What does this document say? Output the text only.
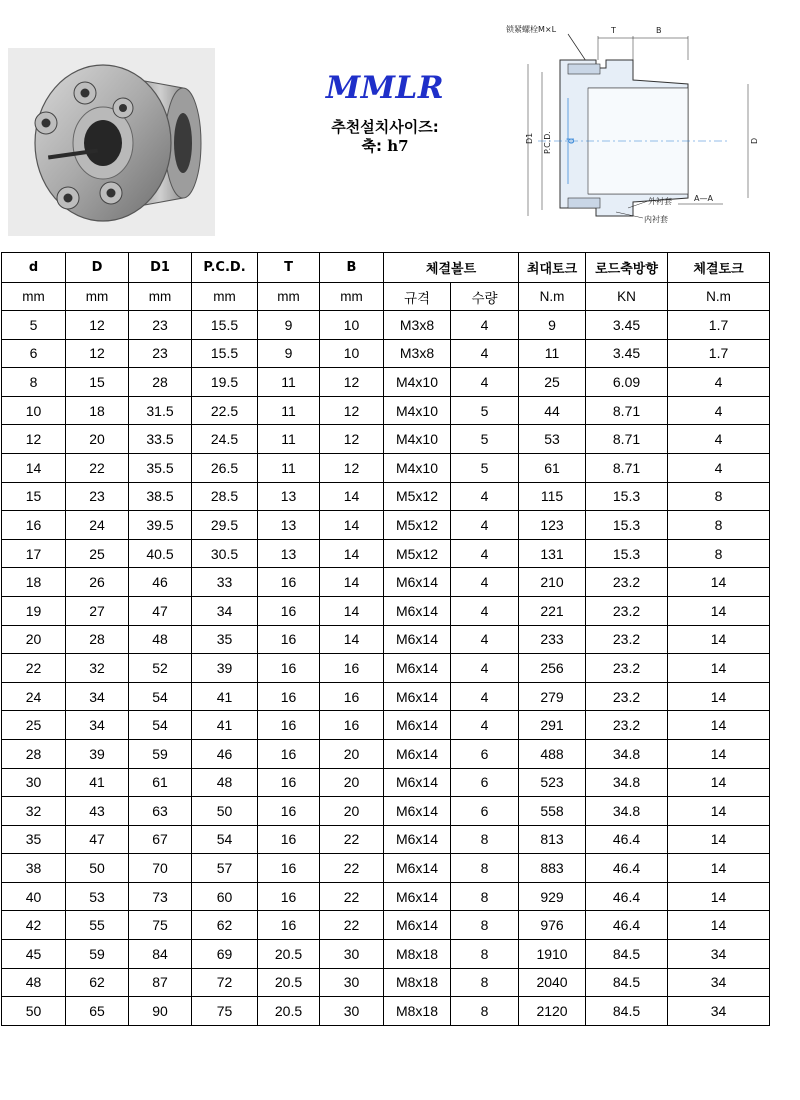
MMLR
추천설치사이즈:
축: h7
锁紧螺栓M×L	T	B
D1 P.C.D. d	D
A—A
外衬套
内衬套
d	D	D1	P.C.D.	T	B	체결볼트		최대토크	로드축방향	체결토크
mm	mm	mm	mm	mm	mm	규격	수량	N.m	KN	N.m
5	12	23	15.5	9	10	M3x8	4	9	3.45	1.7
6	12	23	15.5	9	10	M3x8	4	11	3.45	1.7
8	15	28	19.5	11	12	M4x10	4	25	6.09	4
10	18	31.5	22.5	11	12	M4x10	5	44	8.71	4
12	20	33.5	24.5	11	12	M4x10	5	53	8.71	4
14	22	35.5	26.5	11	12	M4x10	5	61	8.71	4
15	23	38.5	28.5	13	14	M5x12	4	115	15.3	8
16	24	39.5	29.5	13	14	M5x12	4	123	15.3	8
17	25	40.5	30.5	13	14	M5x12	4	131	15.3	8
18	26	46	33	16	14	M6x14	4	210	23.2	14
19	27	47	34	16	14	M6x14	4	221	23.2	14
20	28	48	35	16	14	M6x14	4	233	23.2	14
22	32	52	39	16	16	M6x14	4	256	23.2	14
24	34	54	41	16	16	M6x14	4	279	23.2	14
25	34	54	41	16	16	M6x14	4	291	23.2	14
28	39	59	46	16	20	M6x14	6	488	34.8	14
30	41	61	48	16	20	M6x14	6	523	34.8	14
32	43	63	50	16	20	M6x14	6	558	34.8	14
35	47	67	54	16	22	M6x14	8	813	46.4	14
38	50	70	57	16	22	M6x14	8	883	46.4	14
40	53	73	60	16	22	M6x14	8	929	46.4	14
42	55	75	62	16	22	M6x14	8	976	46.4	14
45	59	84	69	20.5	30	M8x18	8	1910	84.5	34
48	62	87	72	20.5	30	M8x18	8	2040	84.5	34
50	65	90	75	20.5	30	M8x18	8	2120	84.5	34
